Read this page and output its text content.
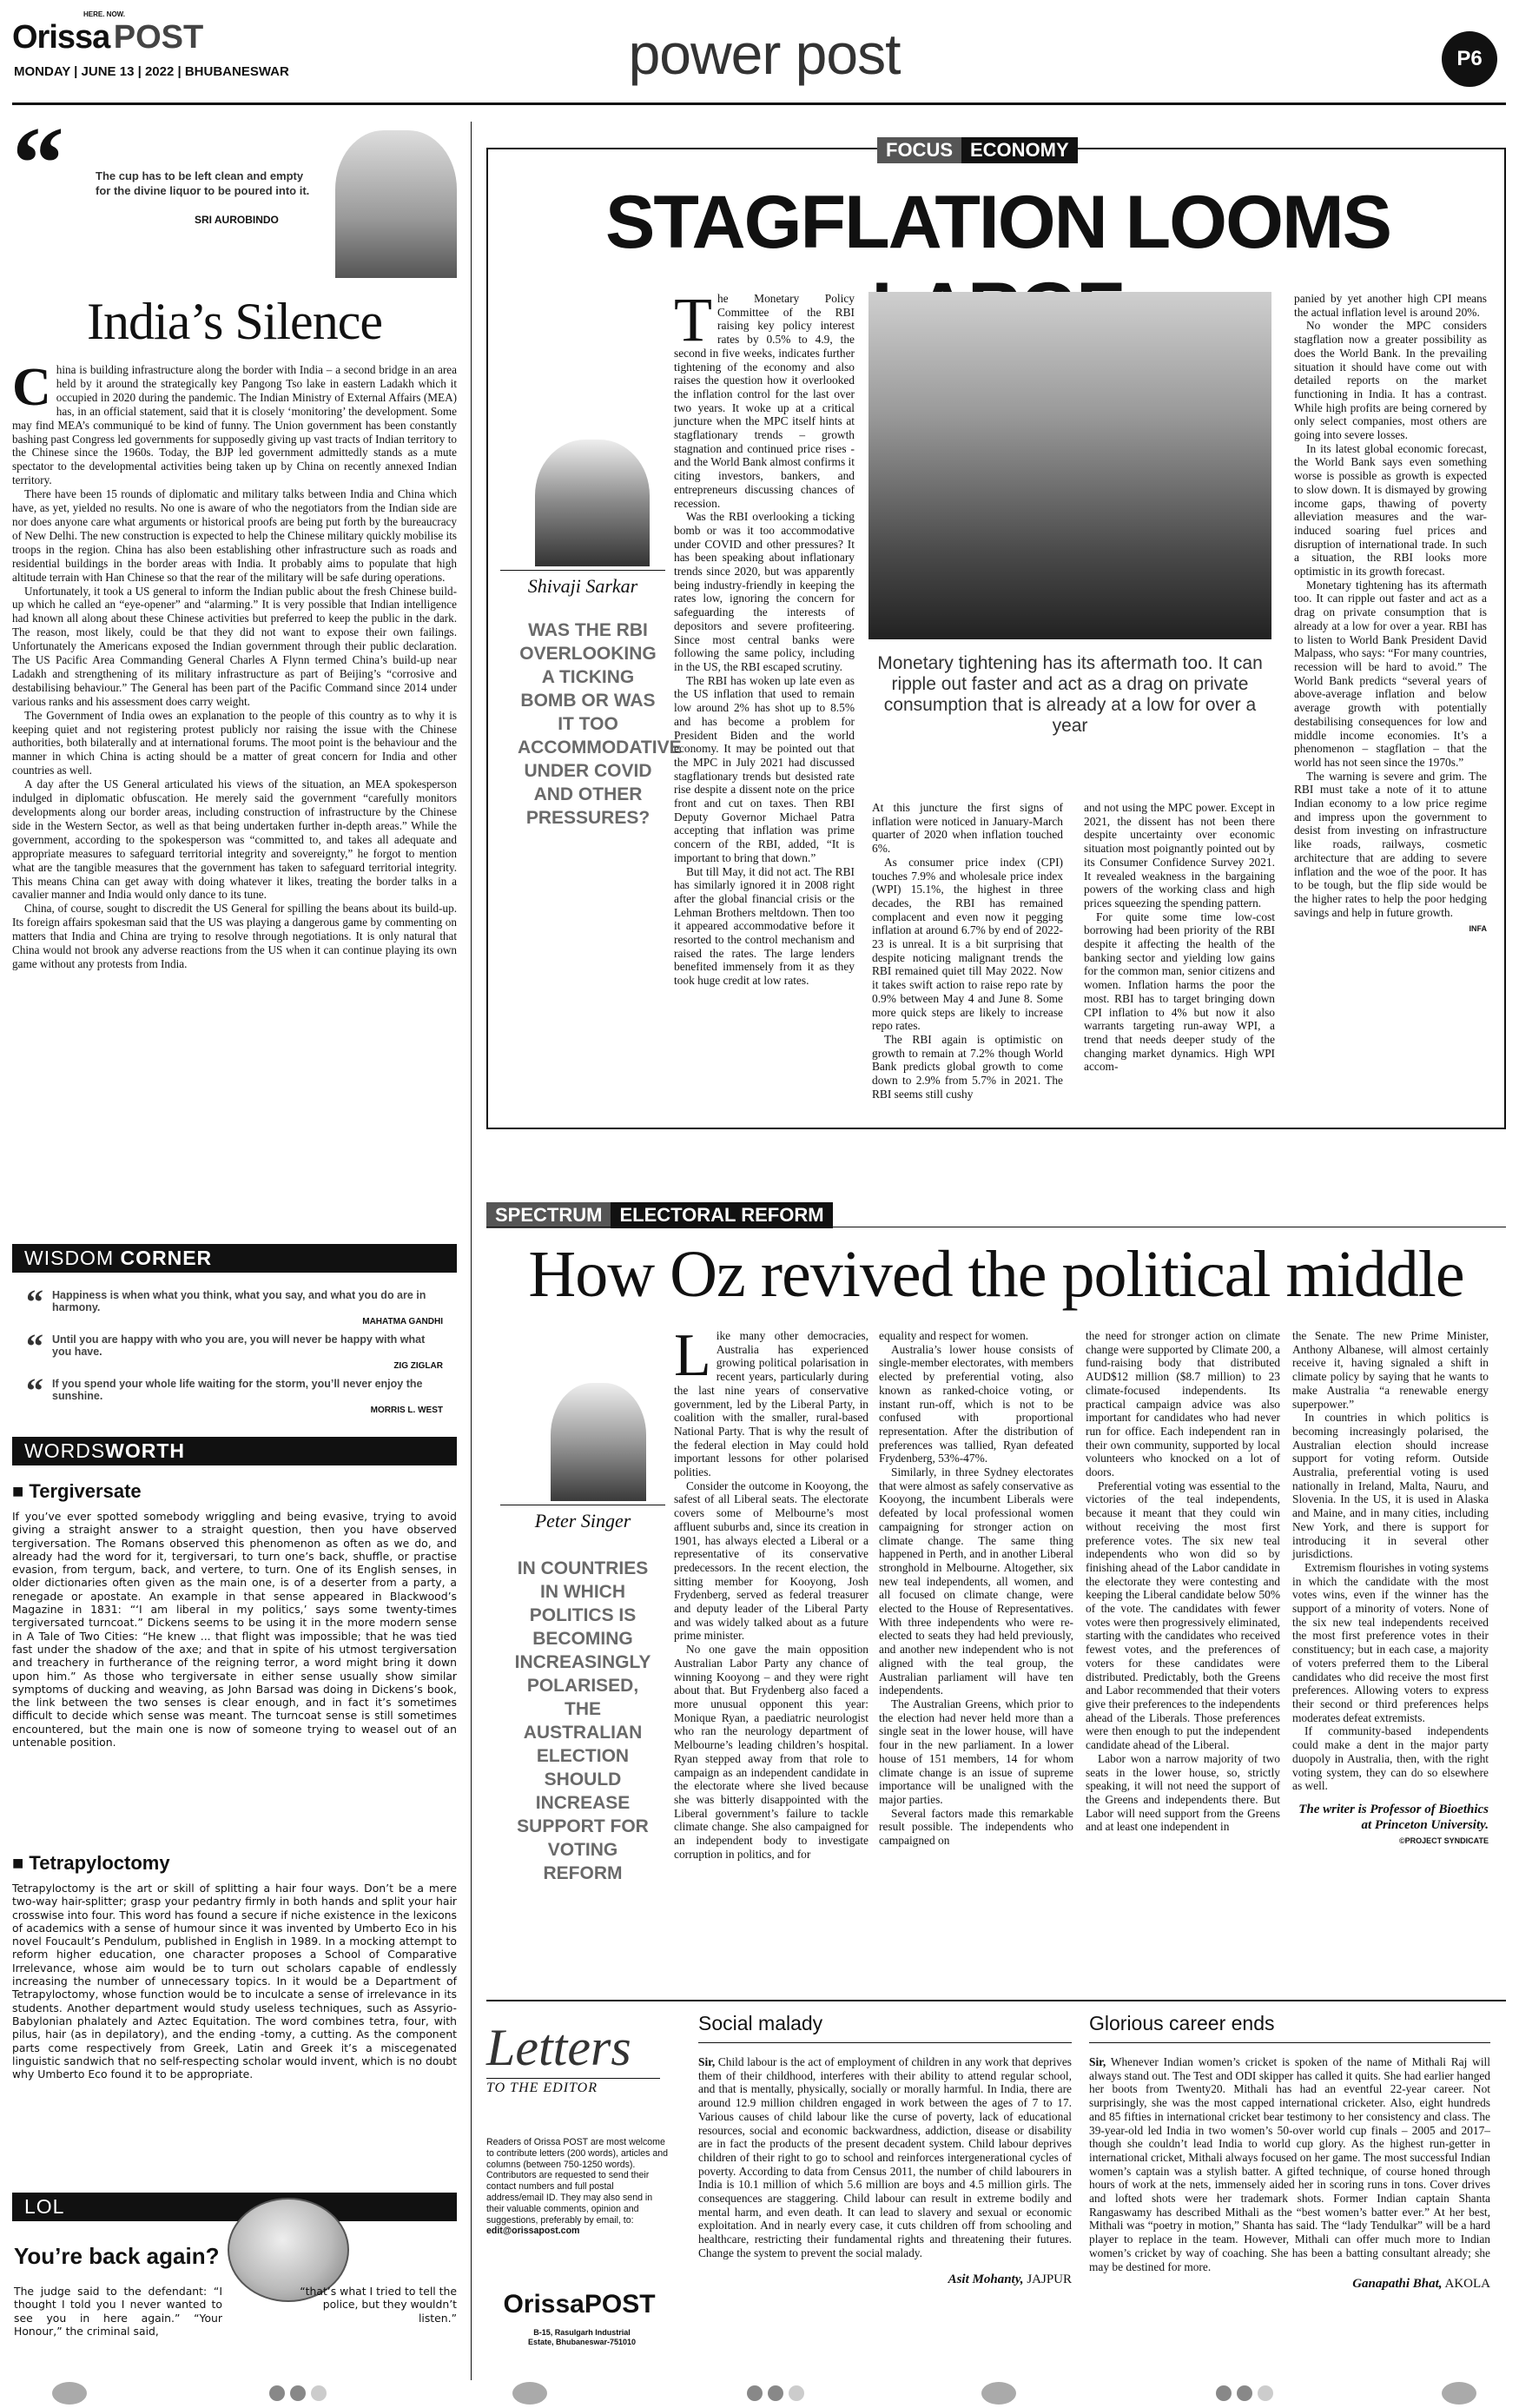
HERE. NOW.
Orissa POST
MONDAY | JUNE 13 | 2022 | BHUBANESWAR	power post	P6
“	The cup has to be left clean and empty for the divine liquor to be poured into it.
SRI AUROBINDO
India’s Silence

China is building infrastructure along the border with India – a second bridge in an area held by it around the strategically key Pangong Tso lake in eastern Ladakh which it occupied in 2020 during the pandemic. The Indian Ministry of External Affairs (MEA) has, in an official statement, said that it is closely ‘monitoring’ the development. Some may find MEA’s communiqué to be kind of funny. The Union government has been constantly bashing past Congress led governments for supposedly giving up vast tracts of Indian territory to the Chinese since the 1960s. Today, the BJP led government admittedly stands as a mute spectator to the developmental activities being taken up by China on recently annexed Indian territory.

There have been 15 rounds of diplomatic and military talks between India and China which have, as yet, yielded no results. No one is aware of who the negotiators from the Indian side are nor does anyone care what arguments or historical proofs are being put forth by the bureaucracy of New Delhi. The new construction is expected to help the Chinese military quickly mobilise its troops in the region. China has also been establishing other infrastructure such as roads and residential buildings in the border areas with India. It probably aims to populate that high altitude terrain with Han Chinese so that the rear of the military will be safe during operations.

Unfortunately, it took a US general to inform the Indian public about the fresh Chinese build-up which he called an “eye-opener” and “alarming.” It is very possible that Indian intelligence had known all along about these Chinese activities but preferred to keep the public in the dark. The reason, most likely, could be that they did not want to expose their own failings. Unfortunately the Americans exposed the Indian government through their public declaration. The US Pacific Area Commanding General Charles A Flynn termed China’s build-up near Ladakh and strengthening of its military infrastructure as part of Beijing’s “corrosive and destabilising behaviour.” The General has been part of the Pacific Command since 2014 under various ranks and his assessment does carry weight.

The Government of India owes an explanation to the people of this country as to why it is keeping quiet and not registering protest publicly nor raising the issue with the Chinese authorities, both bilaterally and at international forums. The moot point is the behaviour and the manner in which China is acting should be a matter of great concern for India and other countries as well.

A day after the US General articulated his views of the situation, an MEA spokesperson indulged in diplomatic obfuscation. He merely said the government “carefully monitors developments along our border areas, including construction of infrastructure by the Chinese side in the Western Sector, as well as that being undertaken further in-depth areas.” While the government, according to the spokesperson was “committed to, and takes all adequate and appropriate measures to safeguard territorial integrity and sovereignty,” he forgot to mention what are the tangible measures that the government has taken to safeguard territorial integrity. This means China can get away with doing whatever it likes, treating the border talks in a cavalier manner and India would only dance to its tune.

China, of course, sought to discredit the US General for spilling the beans about its build-up. Its foreign affairs spokesman said that the US was playing a dangerous game by commenting on matters that India and China are trying to resolve through negotiations. It is only natural that China would not brook any adverse reactions from the US when it can continue playing its own game without any protests from India.

WISDOM CORNER
“ Happiness is when what you think, what you say, and what you do are in harmony.
MAHATMA GANDHI
“ Until you are happy with who you are, you will never be happy with what you have.
ZIG ZIGLAR
“ If you spend your whole life waiting for the storm, you’ll never enjoy the sunshine.
MORRIS L. WEST
WORDSWORTH
■ Tergiversate
If you’ve ever spotted somebody wriggling and being evasive, trying to avoid giving a straight answer to a straight question, then you have observed tergiversation. The Romans observed this phenomenon as often as we do, and already had the word for it, tergiversari, to turn one’s back, shuffle, or practise evasion, from tergum, back, and vertere, to turn. One of its English senses, in older dictionaries often given as the main one, is of a deserter from a party, a renegade or apostate. An example in that sense appeared in Blackwood’s Magazine in 1831: “‘I am liberal in my politics,’ says some twenty-times tergiversated turncoat.” Dickens seems to be using it in the more modern sense in A Tale of Two Cities: “He knew ... that flight was impossible; that he was tied fast under the shadow of the axe; and that in spite of his utmost tergiversation and treachery in furtherance of the reigning terror, a word might bring it down upon him.” As those who tergiversate in either sense usually show similar symptoms of ducking and weaving, as John Barsad was doing in Dickens’s book, the link between the two senses is clear enough, and in fact it’s sometimes difficult to decide which sense was meant. The turncoat sense is still sometimes encountered, but the main one is now of someone trying to weasel out of an untenable position.
■ Tetrapyloctomy
Tetrapyloctomy is the art or skill of splitting a hair four ways. Don’t be a mere two-way hair-splitter; grasp your pedantry firmly in both hands and split your hair crosswise into four. This word has found a secure if niche existence in the lexicons of academics with a sense of humour since it was invented by Umberto Eco in his novel Foucault’s Pendulum, published in English in 1989. In a mocking attempt to reform higher education, one character proposes a School of Comparative Irrelevance, whose aim would be to turn out scholars capable of endlessly increasing the number of unnecessary topics. In it would be a Department of Tetrapyloctomy, whose function would be to inculcate a sense of irrelevance in its students. Another department would study useless techniques, such as Assyrio-Babylonian phalately and Aztec Equitation. The word combines tetra, four, with pilus, hair (as in depilatory), and the ending -tomy, a cutting. As the component parts come respectively from Greek, Latin and Greek it’s a miscegenated linguistic sandwich that no self-respecting scholar would invent, which is no doubt why Umberto Eco found it to be appropriate.
LOL
You’re back again?
The judge said to the defendant: “I thought I told you I never wanted to see you in here again.” “Your Honour,” the criminal said,
“that’s what I tried to tell the police, but they wouldn’t listen.”
FOCUS ECONOMY
STAGFLATION LOOMS
Shivaji Sarkar
WAS THE RBI OVERLOOKING A TICKING BOMB OR WAS IT TOO ACCOMMODATIVE UNDER COVID AND OTHER PRESSURES?

The Monetary Policy Committee of the RBI raising key policy interest rates by 0.5% to 4.9, the second in five weeks, indicates further tightening of the economy and also raises the question how it overlooked the inflation control for the last over two years. It woke up at a critical juncture when the MPC itself hints at stagflationary trends – growth stagnation and continued price rises - and the World Bank almost confirms it citing investors, bankers, and entrepreneurs discussing chances of recession.

Was the RBI overlooking a ticking bomb or was it too accommodative under COVID and other pressures? It has been speaking about inflationary trends since 2020, but was apparently being industry-friendly in keeping the rates low, ignoring the concern for safeguarding the interests of depositors and severe profiteering. Since most central banks were following the same policy, including in the US, the RBI escaped scrutiny.

The RBI has woken up late even as the US inflation that used to remain low around 2% has shot up to 8.5% and has become a problem for President Biden and the world economy. It may be pointed out that the MPC in July 2021 had discussed stagflationary trends but desisted rate rise despite a dissent note on the price front and cut on taxes. Then RBI Deputy Governor Michael Patra accepting that inflation was prime concern of the RBI, added, “It is important to bring that down.”

But till May, it did not act. The RBI has similarly ignored it in 2008 right after the global financial crisis or the Lehman Brothers meltdown. Then too it appeared accommodative before it resorted to the control mechanism and raised the rates. The large lenders benefited immensely from it as they took huge credit at low rates.

Monetary tightening has its aftermath too. It can ripple out faster and act as a drag on private consumption that is already at a low for over a year

At this juncture the first signs of inflation were noticed in January-March quarter of 2020 when inflation touched 6%.

As consumer price index (CPI) touches 7.9% and wholesale price index (WPI) 15.1%, the highest in three decades, the RBI has remained complacent and even now it pegging inflation at around 6.7% by end of 2022-23 is unreal. It is a bit surprising that despite noticing malignant trends the RBI remained quiet till May 2022. Now it takes swift action to raise repo rate by 0.9% between May 4 and June 8. Some more quick steps are likely to increase repo rates.

The RBI again is optimistic on growth to remain at 7.2% though World Bank predicts global growth to come down to 2.9% from 5.7% in 2021. The RBI seems still cushy

and not using the MPC power. Except in 2021, the dissent has not been there despite uncertainty over economic situation most poignantly pointed out by its Consumer Confidence Survey 2021. It revealed weakness in the bargaining powers of the working class and high prices squeezing the spending pattern.

For quite some time low-cost borrowing had been priority of the RBI despite it affecting the health of the banking sector and yielding low gains for the common man, senior citizens and women. Inflation harms the poor the most. RBI has to target bringing down CPI inflation to 4% but now it also warrants targeting run-away WPI, a trend that needs deeper study of the changing market dynamics. High WPI accom-

panied by yet another high CPI means the actual inflation level is around 20%.

No wonder the MPC considers stagflation now a greater possibility as does the World Bank. In the prevailing situation it should have come out with detailed reports on the market functioning in India. It has a contrast. While high profits are being cornered by only select companies, most others are going into severe losses.

In its latest global economic forecast, the World Bank says even something worse is possible as growth is expected to slow down. It is dismayed by growing income gaps, thawing of poverty alleviation measures and the war-induced soaring fuel prices and disruption of international trade. In such a situation, the RBI looks more optimistic in its growth forecast.

Monetary tightening has its aftermath too. It can ripple out faster and act as a drag on private consumption that is already at a low for over a year. RBI has to listen to World Bank President David Malpass, who says: “For many countries, recession will be hard to avoid.” The World Bank predicts “several years of above-average inflation and below average growth with potentially destabilising consequences for low and middle income economies. It’s a phenomenon – stagflation – that the world has not seen since the 1970s.”

The warning is severe and grim. The RBI must take a note of it to attune Indian economy to a low price regime and impress upon the government to desist from investing on infrastructure like roads, railways, cosmetic architecture that are adding to severe inflation and the woe of the poor. It has to be tough, but the flip side would be the higher rates to help the poor hedging savings and help in future growth.

INFA
SPECTRUM ELECTORAL REFORM
How Oz revived the political middle
Peter Singer
IN COUNTRIES IN WHICH POLITICS IS BECOMING INCREASINGLY POLARISED, THE AUSTRALIAN ELECTION SHOULD INCREASE SUPPORT FOR VOTING REFORM

Like many other democracies, Australia has experienced growing political polarisation in recent years, particularly during the last nine years of conservative government, led by the Liberal Party, in coalition with the smaller, rural-based National Party. That is why the result of the federal election in May could hold important lessons for other polarised polities.

Consider the outcome in Kooyong, the safest of all Liberal seats. The electorate covers some of Melbourne’s most affluent suburbs and, since its creation in 1901, has always elected a Liberal or a representative of its conservative predecessors. In the recent election, the sitting member for Kooyong, Josh Frydenberg, served as federal treasurer and deputy leader of the Liberal Party and was widely talked about as a future prime minister.

No one gave the main opposition Australian Labor Party any chance of winning Kooyong – and they were right about that. But Frydenberg also faced a more unusual opponent this year: Monique Ryan, a paediatric neurologist who ran the neurology department of Melbourne’s leading children’s hospital. Ryan stepped away from that role to campaign as an independent candidate in the electorate where she lived because she was bitterly disappointed with the Liberal government’s failure to tackle climate change. She also campaigned for an independent body to investigate corruption in politics, and for

equality and respect for women.

Australia’s lower house consists of single-member electorates, with members elected by preferential voting, also known as ranked-choice voting, or instant run-off, which is not to be confused with proportional representation. After the distribution of preferences was tallied, Ryan defeated Frydenberg, 53%-47%.

Similarly, in three Sydney electorates that were almost as safely conservative as Kooyong, the incumbent Liberals were defeated by local professional women campaigning for stronger action on climate change. The same thing happened in Perth, and in another Liberal stronghold in Melbourne. Altogether, six new teal independents, all women, and all focused on climate change, were elected to the House of Representatives. With three independents who were re-elected to seats they had held previously, and another new independent who is not aligned with the teal group, the Australian parliament will have ten independents.

The Australian Greens, which prior to the election had never held more than a single seat in the lower house, will have four in the new parliament. In a lower house of 151 members, 14 for whom climate change is an issue of supreme importance will be unaligned with the major parties.

Several factors made this remarkable result possible. The independents who campaigned on

the need for stronger action on climate change were supported by Climate 200, a fund-raising body that distributed AUD$12 million ($8.7 million) to 23 climate-focused independents. Its practical campaign advice was also important for candidates who had never run for office. Each independent ran in their own community, supported by local volunteers who knocked on a lot of doors.

Preferential voting was essential to the victories of the teal independents, because it meant that they could win without receiving the most first preference votes. The six new teal independents who won did so by finishing ahead of the Labor candidate in the electorate they were contesting and keeping the Liberal candidate below 50% of the vote. The candidates with fewer votes were then progressively eliminated, starting with the candidates who received fewest votes, and the preferences of voters for these candidates were distributed. Predictably, both the Greens and Labor recommended that their voters give their preferences to the independents ahead of the Liberals. Those preferences were then enough to put the independent candidate ahead of the Liberal.

Labor won a narrow majority of two seats in the lower house, so, strictly speaking, it will not need the support of the Greens and independents there. But Labor will need support from the Greens and at least one independent in

the Senate. The new Prime Minister, Anthony Albanese, will almost certainly receive it, having signaled a shift in climate policy by saying that he wants to make Australia “a renewable energy superpower.”

In countries in which politics is becoming increasingly polarised, the Australian election should increase support for voting reform. Outside Australia, preferential voting is used nationally in Ireland, Malta, Nauru, and Slovenia. In the US, it is used in Alaska and Maine, and in many cities, including New York, and there is support for introducing it in several other jurisdictions.

Extremism flourishes in voting systems in which the candidate with the most votes wins, even if the winner has the support of a minority of voters. None of the six new teal independents received the most first preference votes in their constituency; but in each case, a majority of voters preferred them to the Liberal candidates who did receive the most first preferences. Allowing voters to express their second or third preferences helps moderates defeat extremists.

If community-based independents could make a dent in the major party duopoly in Australia, then, with the right voting system, they can do so elsewhere as well.

The writer is Professor of Bioethics at Princeton University.
©PROJECT SYNDICATE
Letters
TO THE EDITOR
Readers of Orissa POST are most welcome to contribute letters (200 words), articles and columns (between 750-1250 words). Contributors are requested to send their contact numbers and full postal address/email ID. They may also send in their valuable comments, opinion and suggestions, preferably by email, to: edit@orissapost.com
OrissaPOST
B-15, Rasulgarh Industrial Estate, Bhubaneswar-751010
Social malady
Sir, Child labour is the act of employment of children in any work that deprives them of their childhood, interferes with their ability to attend regular school, and that is mentally, physically, socially or morally harmful. In India, there are around 12.9 million children engaged in work between the ages of 7 to 17. Various causes of child labour like the curse of poverty, lack of educational resources, social and economic backwardness, addiction, disease or disability are in fact the products of the present decadent system. Child labour deprives children of their right to go to school and reinforces intergenerational cycles of poverty. According to data from Census 2011, the number of child labourers in India is 10.1 million of which 5.6 million are boys and 4.5 million girls. The consequences are staggering. Child labour can result in extreme bodily and mental harm, and even death. It can lead to slavery and sexual or economic exploitation. And in nearly every case, it cuts children off from schooling and healthcare, restricting their fundamental rights and threatening their futures. Change the system to prevent the social malady.
Asit Mohanty, JAJPUR
Glorious career ends
Sir, Whenever Indian women’s cricket is spoken of the name of Mithali Raj will always stand out. The Test and ODI skipper has called it quits. She had earlier hanged her boots from Twenty20. Mithali has had an eventful 22-year career. Not surprisingly, she was the most capped international cricketer. Also, eight hundreds and 85 fifties in international cricket bear testimony to her consistency and class. The 39-year-old led India in two women’s 50-over world cup finals – 2005 and 2017– though she couldn’t lead India to world cup glory. As the highest run-getter in international cricket, Mithali always focused on her game. The most successful Indian women’s captain was a stylish batter. A gifted technique, of course honed through hours of work at the nets, immensely aided her in scoring runs in tons. Cover drives and lofted shots were her trademark shots. Former Indian captain Shanta Rangaswamy has described Mithali as the “best women’s batter ever.” At her best, Mithali was “poetry in motion,” Shanta has said. The “lady Tendulkar” will be a hard player to replace in the team. However, Mithali can offer much more to Indian women’s cricket by way of coaching. She has been a batting consultant already; she may be destined for more.
Ganapathi Bhat, AKOLA
